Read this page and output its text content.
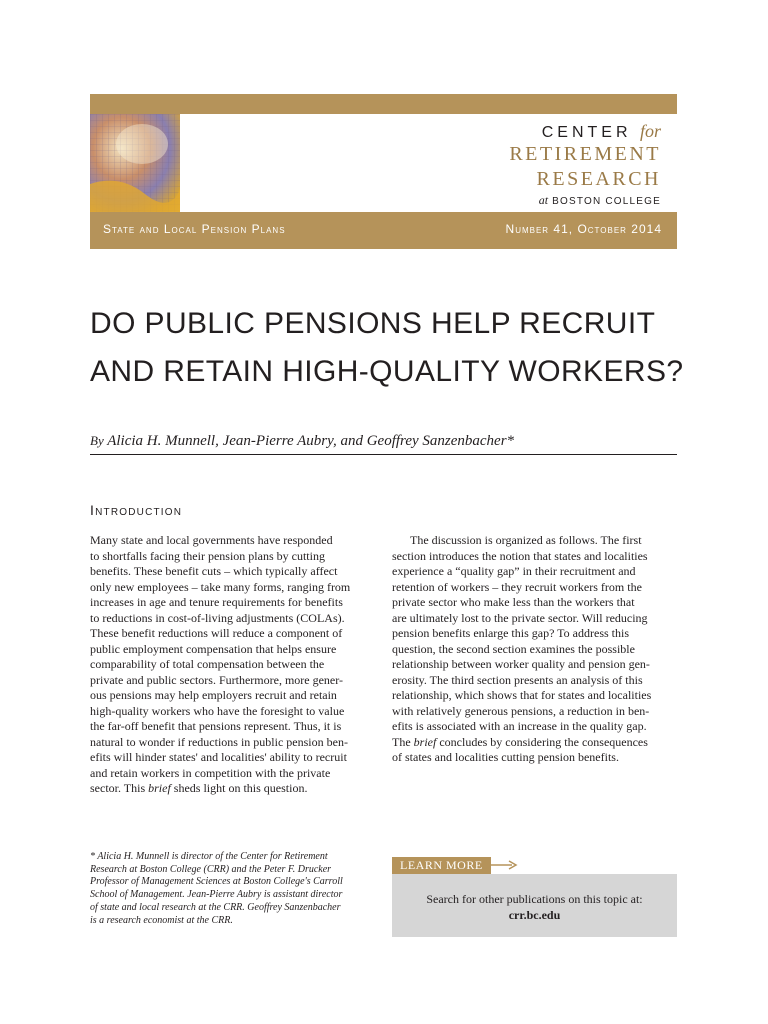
CENTER for
RETIREMENT
RESEARCH
at BOSTON COLLEGE
State and Local Pension Plans	Number 41, October 2014
DO PUBLIC PENSIONS HELP RECRUIT
AND RETAIN HIGH-QUALITY WORKERS?
By Alicia H. Munnell, Jean-Pierre Aubry, and Geoffrey Sanzenbacher*
Introduction
Many state and local governments have responded
to shortfalls facing their pension plans by cutting
benefits. These benefit cuts – which typically affect
only new employees – take many forms, ranging from
increases in age and tenure requirements for benefits
to reductions in cost-of-living adjustments (COLAs).
These benefit reductions will reduce a component of
public employment compensation that helps ensure
comparability of total compensation between the
private and public sectors. Furthermore, more gener-
ous pensions may help employers recruit and retain
high-quality workers who have the foresight to value
the far-off benefit that pensions represent. Thus, it is
natural to wonder if reductions in public pension ben-
efits will hinder states' and localities' ability to recruit
and retain workers in competition with the private
sector. This brief sheds light on this question.
The discussion is organized as follows. The first
section introduces the notion that states and localities
experience a “quality gap” in their recruitment and
retention of workers – they recruit workers from the
private sector who make less than the workers that
are ultimately lost to the private sector. Will reducing
pension benefits enlarge this gap? To address this
question, the second section examines the possible
relationship between worker quality and pension gen-
erosity. The third section presents an analysis of this
relationship, which shows that for states and localities
with relatively generous pensions, a reduction in ben-
efits is associated with an increase in the quality gap.
The brief concludes by considering the consequences
of states and localities cutting pension benefits.
* Alicia H. Munnell is director of the Center for Retirement
Research at Boston College (CRR) and the Peter F. Drucker
Professor of Management Sciences at Boston College's Carroll
School of Management. Jean-Pierre Aubry is assistant director
of state and local research at the CRR. Geoffrey Sanzenbacher
is a research economist at the CRR.
LEARN MORE
Search for other publications on this topic at:
crr.bc.edu
